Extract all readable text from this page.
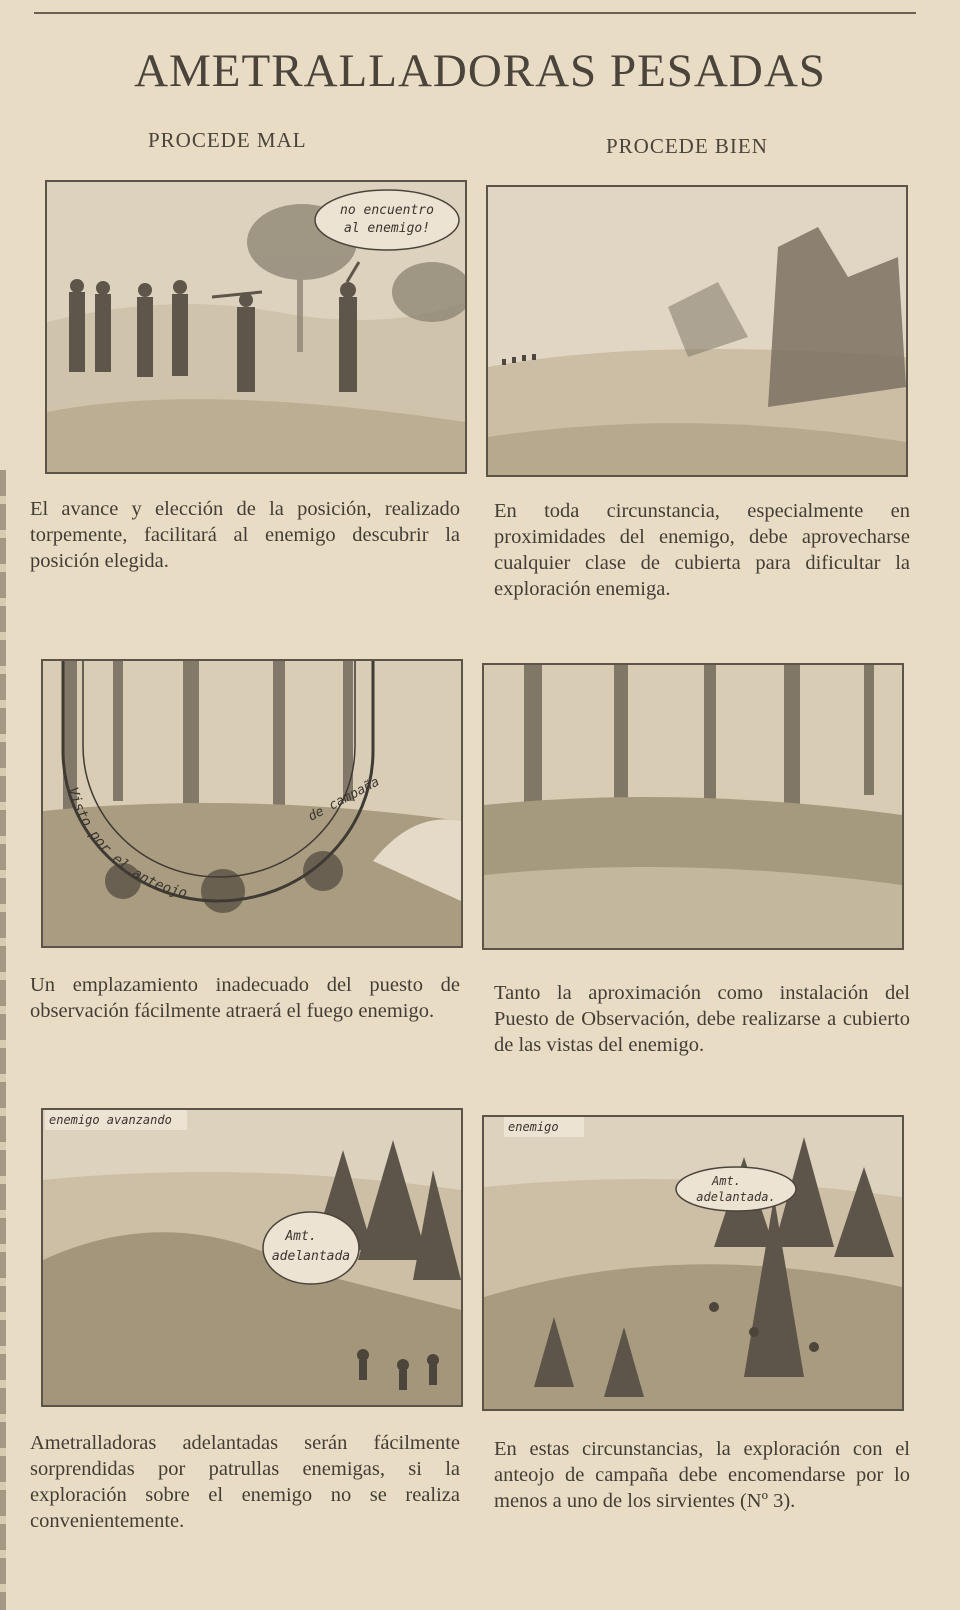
AMETRALLADORAS PESADAS
PROCEDE MAL	PROCEDE BIEN
no encuentro
al enemigo!
El avance y elección de la posición, realizado torpemente, facilitará al enemigo descubrir la posición elegida.
En toda circunstancia, especialmente en proximidades del enemigo, debe aprovecharse cualquier clase de cubierta para dificultar la exploración enemiga.
Visto por el anteojo
de campaña
Un emplazamiento inadecuado del puesto de observación fácilmente atraerá el fuego enemigo.
Tanto la aproximación como instalación del Puesto de Observación, debe realizarse a cubierto de las vistas del enemigo.
enemigo avanzando
Amt.
adelantada
enemigo
Amt.
adelantada.
Ametralladoras adelantadas serán fácilmente sorprendidas por patrullas enemigas, si la exploración sobre el enemigo no se realiza convenientemente.
En estas circunstancias, la exploración con el anteojo de campaña debe encomendarse por lo menos a uno de los sirvientes (Nº 3).
